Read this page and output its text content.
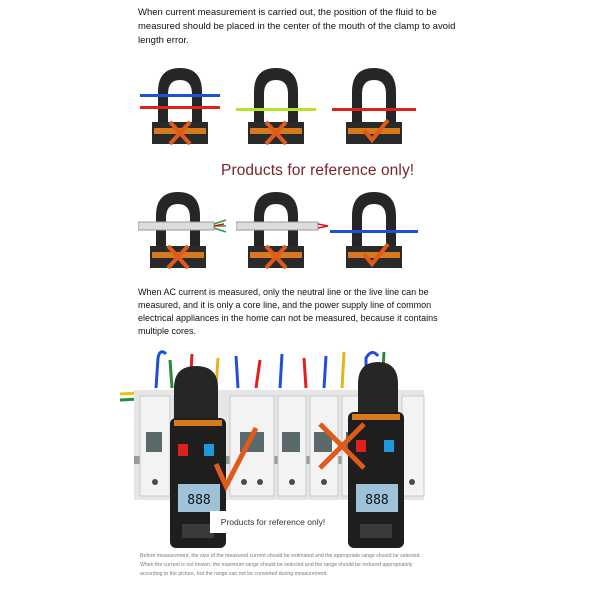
When current measurement is carried out, the position of the fluid to be measured should be placed in the center of the mouth of the clamp to avoid length error.
Products for reference only!
When AC current is measured, only the neutral line or the live line can be measured, and it is only a core line, and the power supply line of common electrical appliances in the home can not be measured, because it contains multiple cores.
888	888
Products for reference only!
Before measurement, the size of the measured current should be estimated and the appropriate range should be selected. When the current is not known, the maximum range should be selected and the range should be reduced appropriately according to the picture, but the range can not be converted during measurement.
